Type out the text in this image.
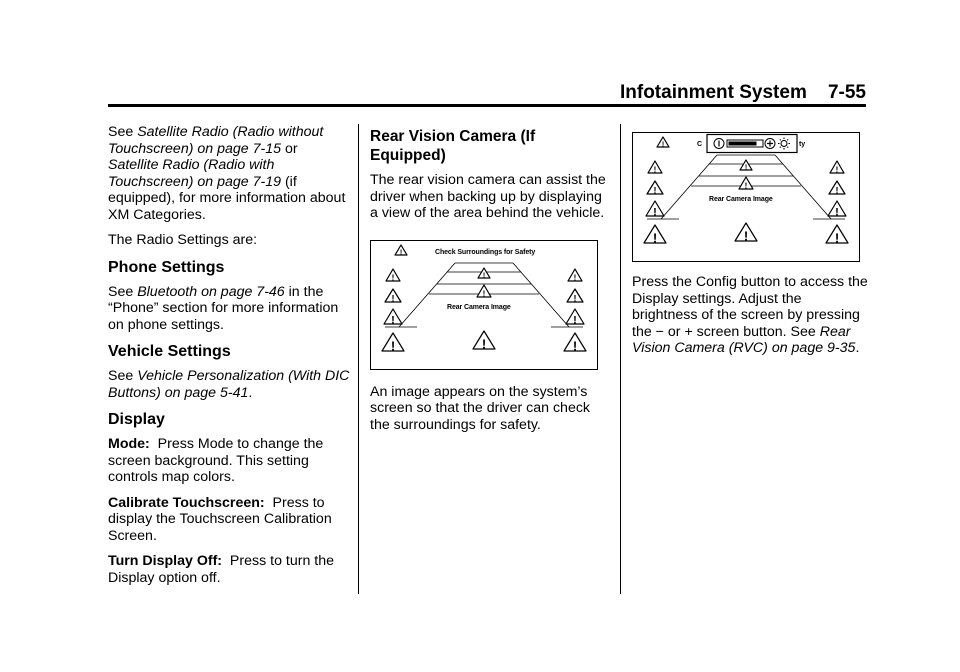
Infotainment System    7-55

See Satellite Radio (Radio without Touchscreen) on page 7-15 or Satellite Radio (Radio with Touchscreen) on page 7-19 (if equipped), for more information about XM Categories.

The Radio Settings are:

Phone Settings

See Bluetooth on page 7-46 in the “Phone” section for more information on phone settings.

Vehicle Settings

See Vehicle Personalization (With DIC Buttons) on page 5-41.

Display

Mode:  Press Mode to change the screen background. This setting controls map colors.

Calibrate Touchscreen:  Press to display the Touchscreen Calibration Screen.

Turn Display Off:  Press to turn the Display option off.

Rear Vision Camera (If Equipped)

The rear vision camera can assist the driver when backing up by displaying a view of the area behind the vehicle.

!
!
!
!
!
!
!
!
!
!
!
!
Check Surroundings for Safety
Rear Camera Image

An image appears on the system’s screen so that the driver can check the surroundings for safety.

!
!
!
!
!
!
!
!
!
!
!
!
C	ty
Rear Camera Image

Press the Config button to access the Display settings. Adjust the brightness of the screen by pressing the − or + screen button. See Rear Vision Camera (RVC) on page 9-35.
